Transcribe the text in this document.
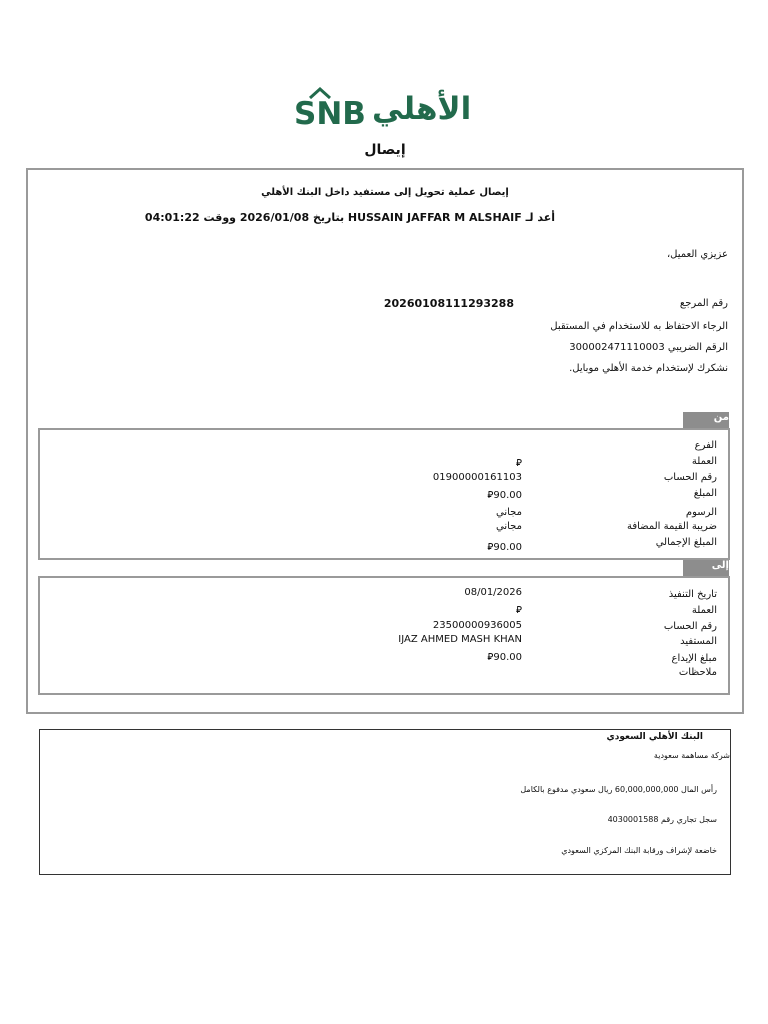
SNB الأهلي
إيصال
إيصال عملية تحويل إلى مستفيد داخل البنك الأهلي
أعد لـ HUSSAIN JAFFAR M ALSHAIF بتاريخ 2026/01/08 ووقت 04:01:22
عزيزي العميل،
رقم المرجع
20260108111293288
الرجاء الاحتفاظ به للاستخدام في المستقبل
الرقم الضريبي 300002471110003
نشكرك لإستخدام خدمة الأهلي موبايل.
من
الفرع
العملة
⃁
رقم الحساب
01900000161103
المبلغ
⃁90.00
الرسوم
مجاني
ضريبة القيمة المضافة
مجاني
المبلغ الإجمالي
⃁90.00
إلى
تاريخ التنفيذ
08/01/2026
العملة
⃁
رقم الحساب
23500000936005
المستفيد
IJAZ AHMED MASH KHAN
مبلغ الإيداع
⃁90.00
ملاحظات
البنك الأهلي السعودي
شركة مساهمة سعودية
رأس المال 60,000,000,000 ريال سعودي مدفوع بالكامل
سجل تجاري رقم 4030001588
خاضعة لإشراف ورقابة البنك المركزي السعودي
